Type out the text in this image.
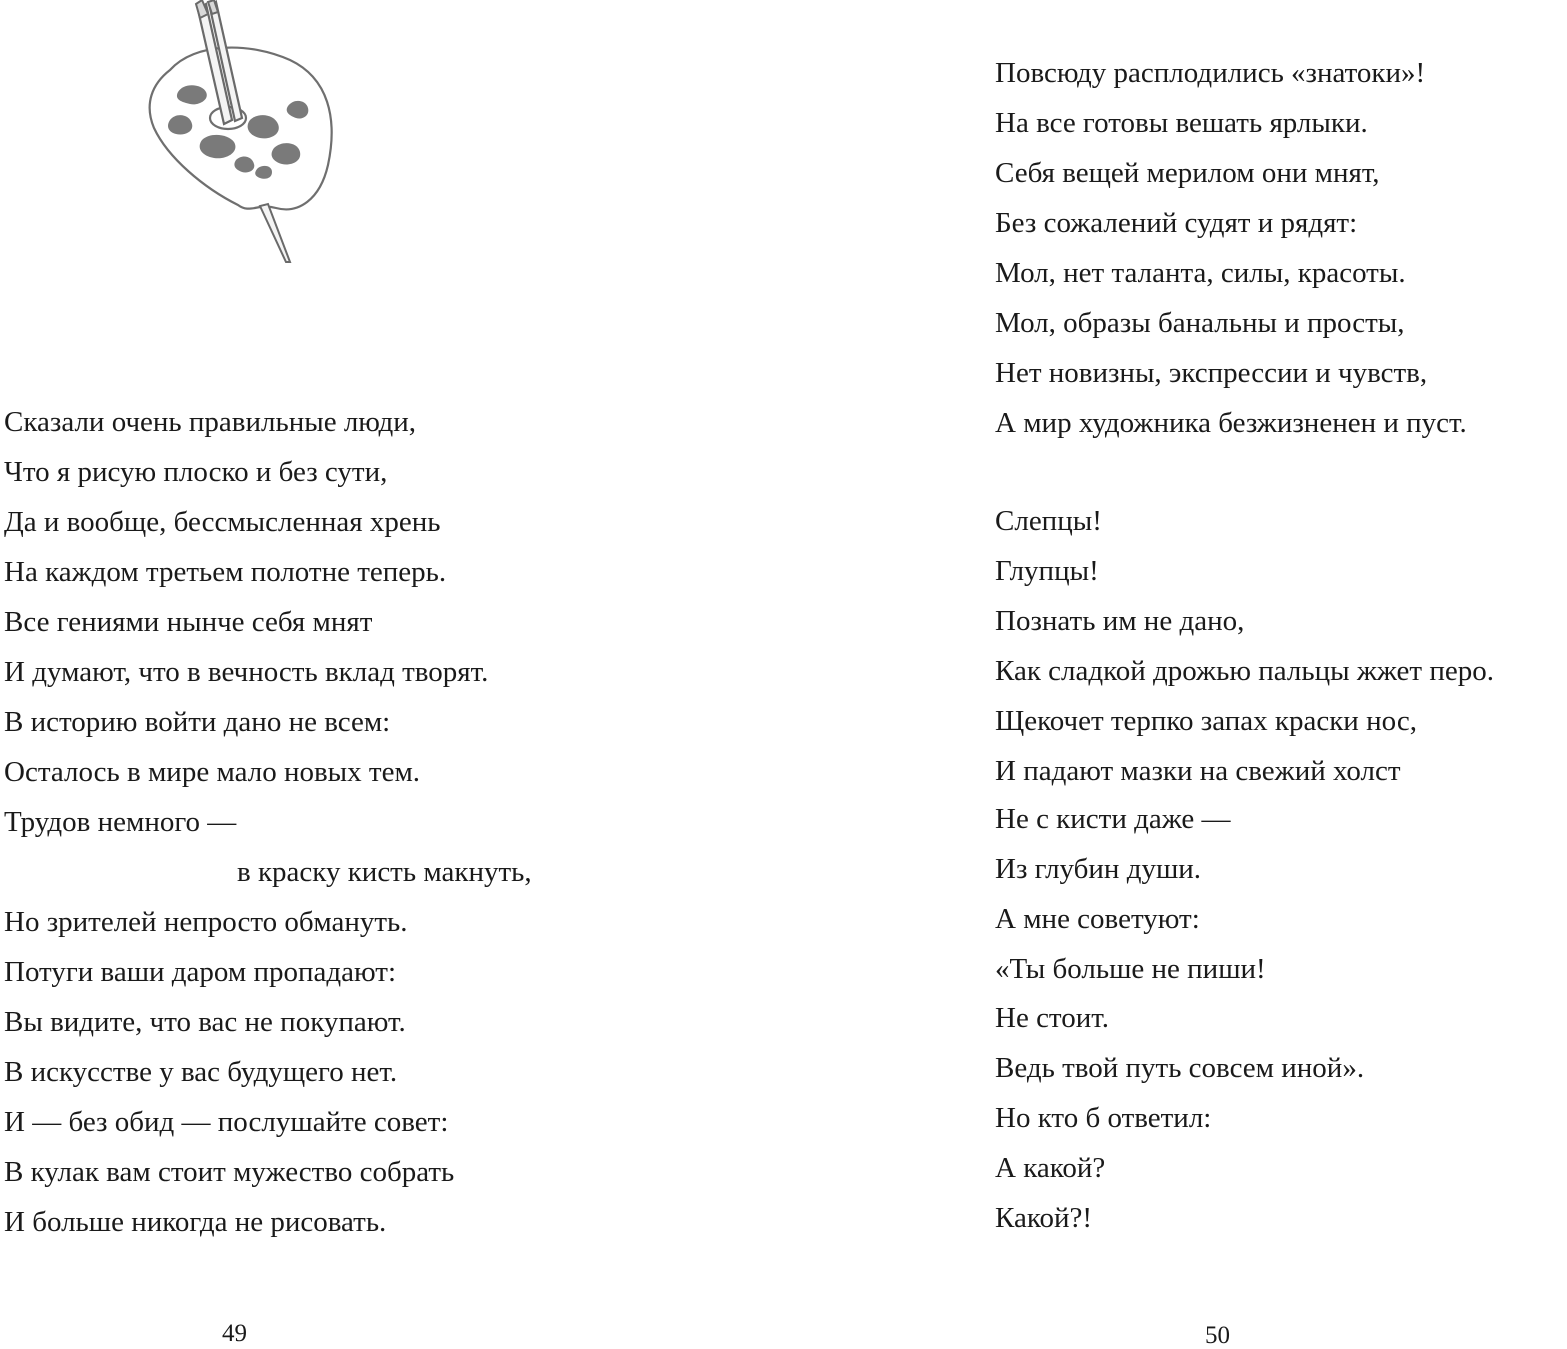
Сказали очень правильные люди,
Что я рисую плоско и без сути,
Да и вообще, бессмысленная хрень
На каждом третьем полотне теперь.
Все гениями нынче себя мнят
И думают, что в вечность вклад творят.
В историю войти дано не всем:
Осталось в мире мало новых тем.
Трудов немного —
в краску кисть макнуть,
Но зрителей непросто обмануть.
Потуги ваши даром пропадают:
Вы видите, что вас не покупают.
В искусстве у вас будущего нет.
И — без обид — послушайте совет:
В кулак вам стоит мужество собрать
И больше никогда не рисовать.
49
Повсюду расплодились «знатоки»!
На все готовы вешать ярлыки.
Себя вещей мерилом они мнят,
Без сожалений судят и рядят:
Мол, нет таланта, силы, красоты.
Мол, образы банальны и просты,
Нет новизны, экспрессии и чувств,
А мир художника безжизненен и пуст.
Слепцы!
Глупцы!
Познать им не дано,
Как сладкой дрожью пальцы жжет перо.
Щекочет терпко запах краски нос,
И падают мазки на свежий холст
Не с кисти даже —
Из глубин души.
А мне советуют:
«Ты больше не пиши!
Не стоит.
Ведь твой путь совсем иной».
Но кто б ответил:
А какой?
Какой?!
50
